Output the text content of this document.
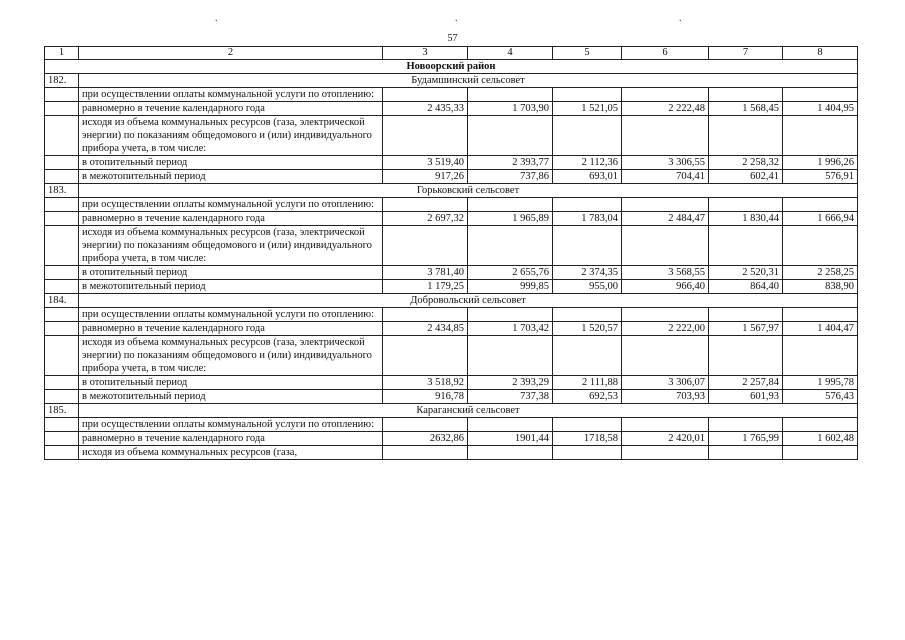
.	.	.
57
1	2	3	4	5	6	7	8
Новоорский район							
182.	Будамшинский сельсовет						
	при осуществлении оплаты коммунальной услуги по отоплению:						
	равномерно в течение календарного года	2 435,33	1 703,90	1 521,05	2 222,48	1 568,45	1 404,95
	исходя из объема коммунальных ресурсов (газа, электрической энергии) по показаниям общедомового и (или) индивидуального прибора учета, в том числе:						
	в отопительный период	3 519,40	2 393,77	2 112,36	3 306,55	2 258,32	1 996,26
	в межотопительный период	917,26	737,86	693,01	704,41	602,41	576,91
183.	Горьковский сельсовет						
	при осуществлении оплаты коммунальной услуги по отоплению:						
	равномерно в течение календарного года	2 697,32	1 965,89	1 783,04	2 484,47	1 830,44	1 666,94
	исходя из объема коммунальных ресурсов (газа, электрической энергии) по показаниям общедомового и (или) индивидуального прибора учета, в том числе:						
	в отопительный период	3 781,40	2 655,76	2 374,35	3 568,55	2 520,31	2 258,25
	в межотопительный период	1 179,25	999,85	955,00	966,40	864,40	838,90
184.	Добровольский сельсовет						
	при осуществлении оплаты коммунальной услуги по отоплению:						
	равномерно в течение календарного года	2 434,85	1 703,42	1 520,57	2 222,00	1 567,97	1 404,47
	исходя из объема коммунальных ресурсов (газа, электрической энергии) по показаниям общедомового и (или) индивидуального прибора учета, в том числе:						
	в отопительный период	3 518,92	2 393,29	2 111,88	3 306,07	2 257,84	1 995,78
	в межотопительный период	916,78	737,38	692,53	703,93	601,93	576,43
185.	Караганский сельсовет						
	при осуществлении оплаты коммунальной услуги по отоплению:						
	равномерно в течение календарного года	2632,86	1901,44	1718,58	2 420,01	1 765,99	1 602,48
	исходя из объема коммунальных ресурсов (газа,						
